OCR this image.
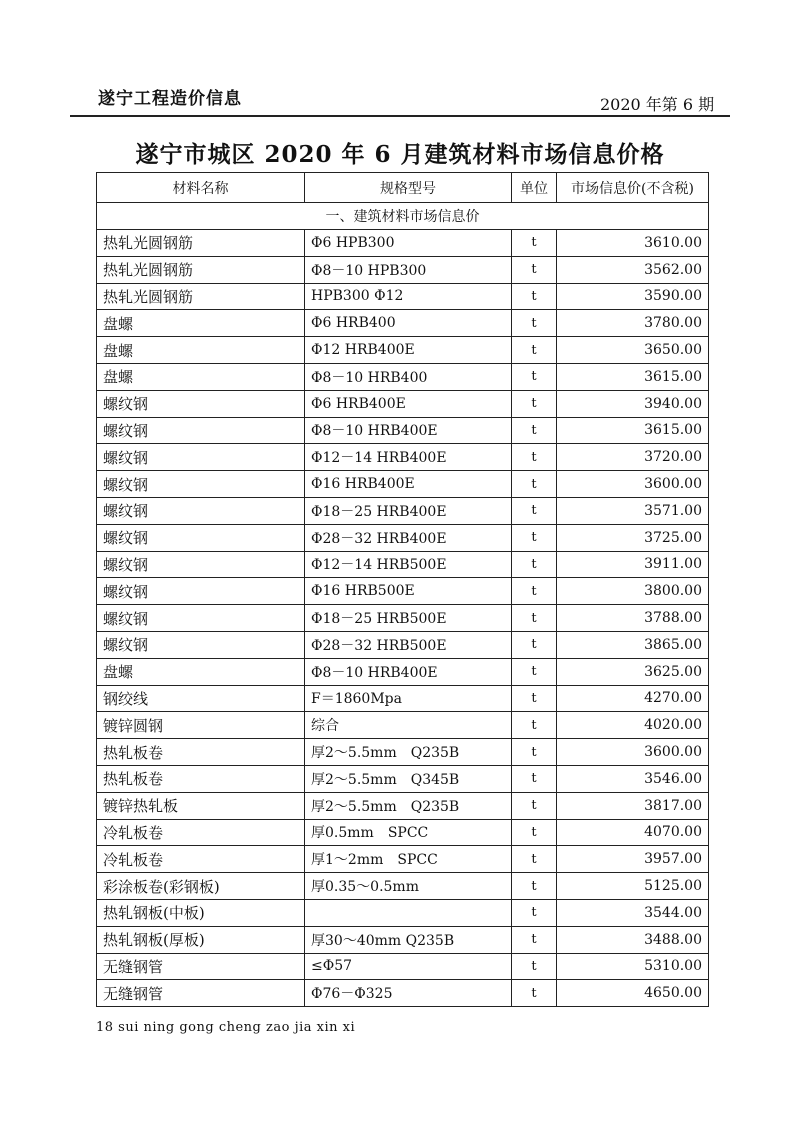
遂宁工程造价信息	2020 年第 6 期
遂宁市城区 2020 年 6 月建筑材料市场信息价格
材料名称	规格型号	单位	市场信息价(不含税)
一、建筑材料市场信息价			
热轧光圆钢筋	Φ6 HPB300	t	3610.00
热轧光圆钢筋	Φ8－10 HPB300	t	3562.00
热轧光圆钢筋	HPB300 Φ12	t	3590.00
盘螺	Φ6 HRB400	t	3780.00
盘螺	Φ12 HRB400E	t	3650.00
盘螺	Φ8－10 HRB400	t	3615.00
螺纹钢	Φ6 HRB400E	t	3940.00
螺纹钢	Φ8－10 HRB400E	t	3615.00
螺纹钢	Φ12－14 HRB400E	t	3720.00
螺纹钢	Φ16 HRB400E	t	3600.00
螺纹钢	Φ18－25 HRB400E	t	3571.00
螺纹钢	Φ28－32 HRB400E	t	3725.00
螺纹钢	Φ12－14 HRB500E	t	3911.00
螺纹钢	Φ16 HRB500E	t	3800.00
螺纹钢	Φ18－25 HRB500E	t	3788.00
螺纹钢	Φ28－32 HRB500E	t	3865.00
盘螺	Φ8－10 HRB400E	t	3625.00
钢绞线	F＝1860Mpa	t	4270.00
镀锌圆钢	综合	t	4020.00
热轧板卷	厚2～5.5mm　Q235B	t	3600.00
热轧板卷	厚2～5.5mm　Q345B	t	3546.00
镀锌热轧板	厚2～5.5mm　Q235B	t	3817.00
冷轧板卷	厚0.5mm　SPCC	t	4070.00
冷轧板卷	厚1～2mm　SPCC	t	3957.00
彩涂板卷(彩钢板)	厚0.35～0.5mm	t	5125.00
热轧钢板(中板)		t	3544.00
热轧钢板(厚板)	厚30～40mm Q235B	t	3488.00
无缝钢管	≤Φ57	t	5310.00
无缝钢管	Φ76－Φ325	t	4650.00
18 sui ning gong cheng zao jia xin xi
